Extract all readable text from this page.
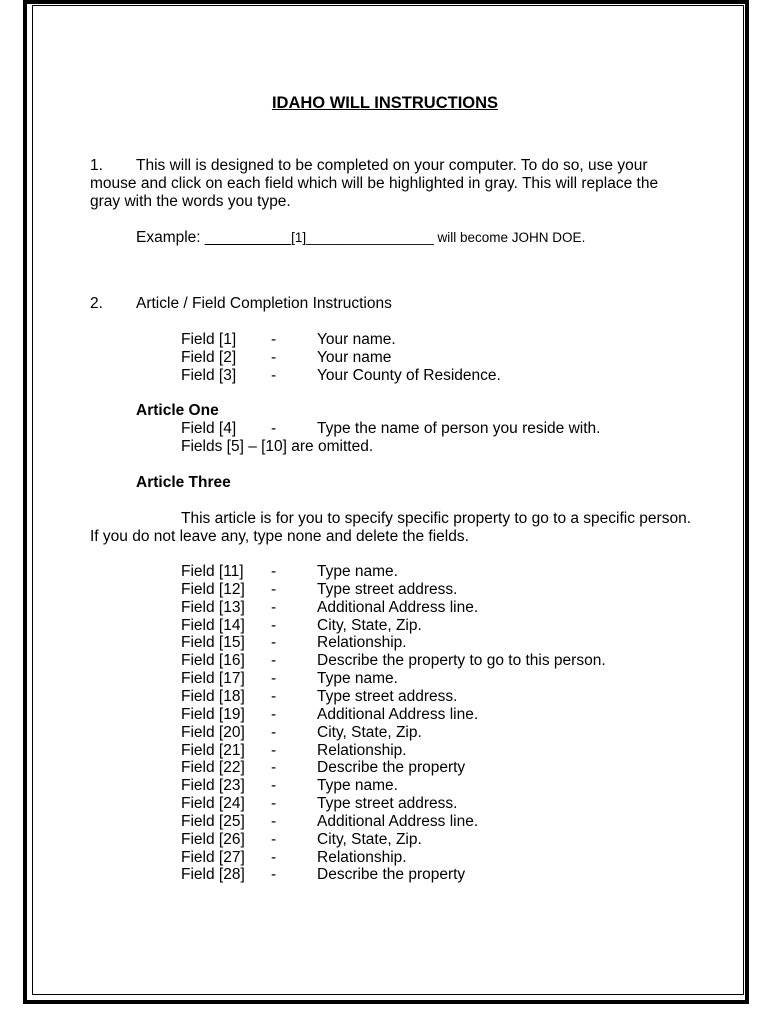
IDAHO WILL INSTRUCTIONS
1. This will is designed to be completed on your computer. To do so, use your
mouse and click on each field which will be highlighted in gray. This will replace the
gray with the words you type.
Example: __________[1]_________________ will become JOHN DOE.
2. Article / Field Completion Instructions
Field [1] -	Your name.
Field [2] -	Your name
Field [3] -	Your County of Residence.
Article One
Field [4] -	Type the name of person you reside with.
Fields [5] – [10] are omitted.
Article Three
This article is for you to specify specific property to go to a specific person.
If you do not leave any, type none and delete the fields.
Field [11] -	Type name.
Field [12] -	Type street address.
Field [13] -	Additional Address line.
Field [14] -	City, State, Zip.
Field [15] -	Relationship.
Field [16] -	Describe the property to go to this person.
Field [17] -	Type name.
Field [18] -	Type street address.
Field [19] -	Additional Address line.
Field [20] -	City, State, Zip.
Field [21] -	Relationship.
Field [22] -	Describe the property
Field [23] -	Type name.
Field [24] -	Type street address.
Field [25] -	Additional Address line.
Field [26] -	City, State, Zip.
Field [27] -	Relationship.
Field [28] -	Describe the property
